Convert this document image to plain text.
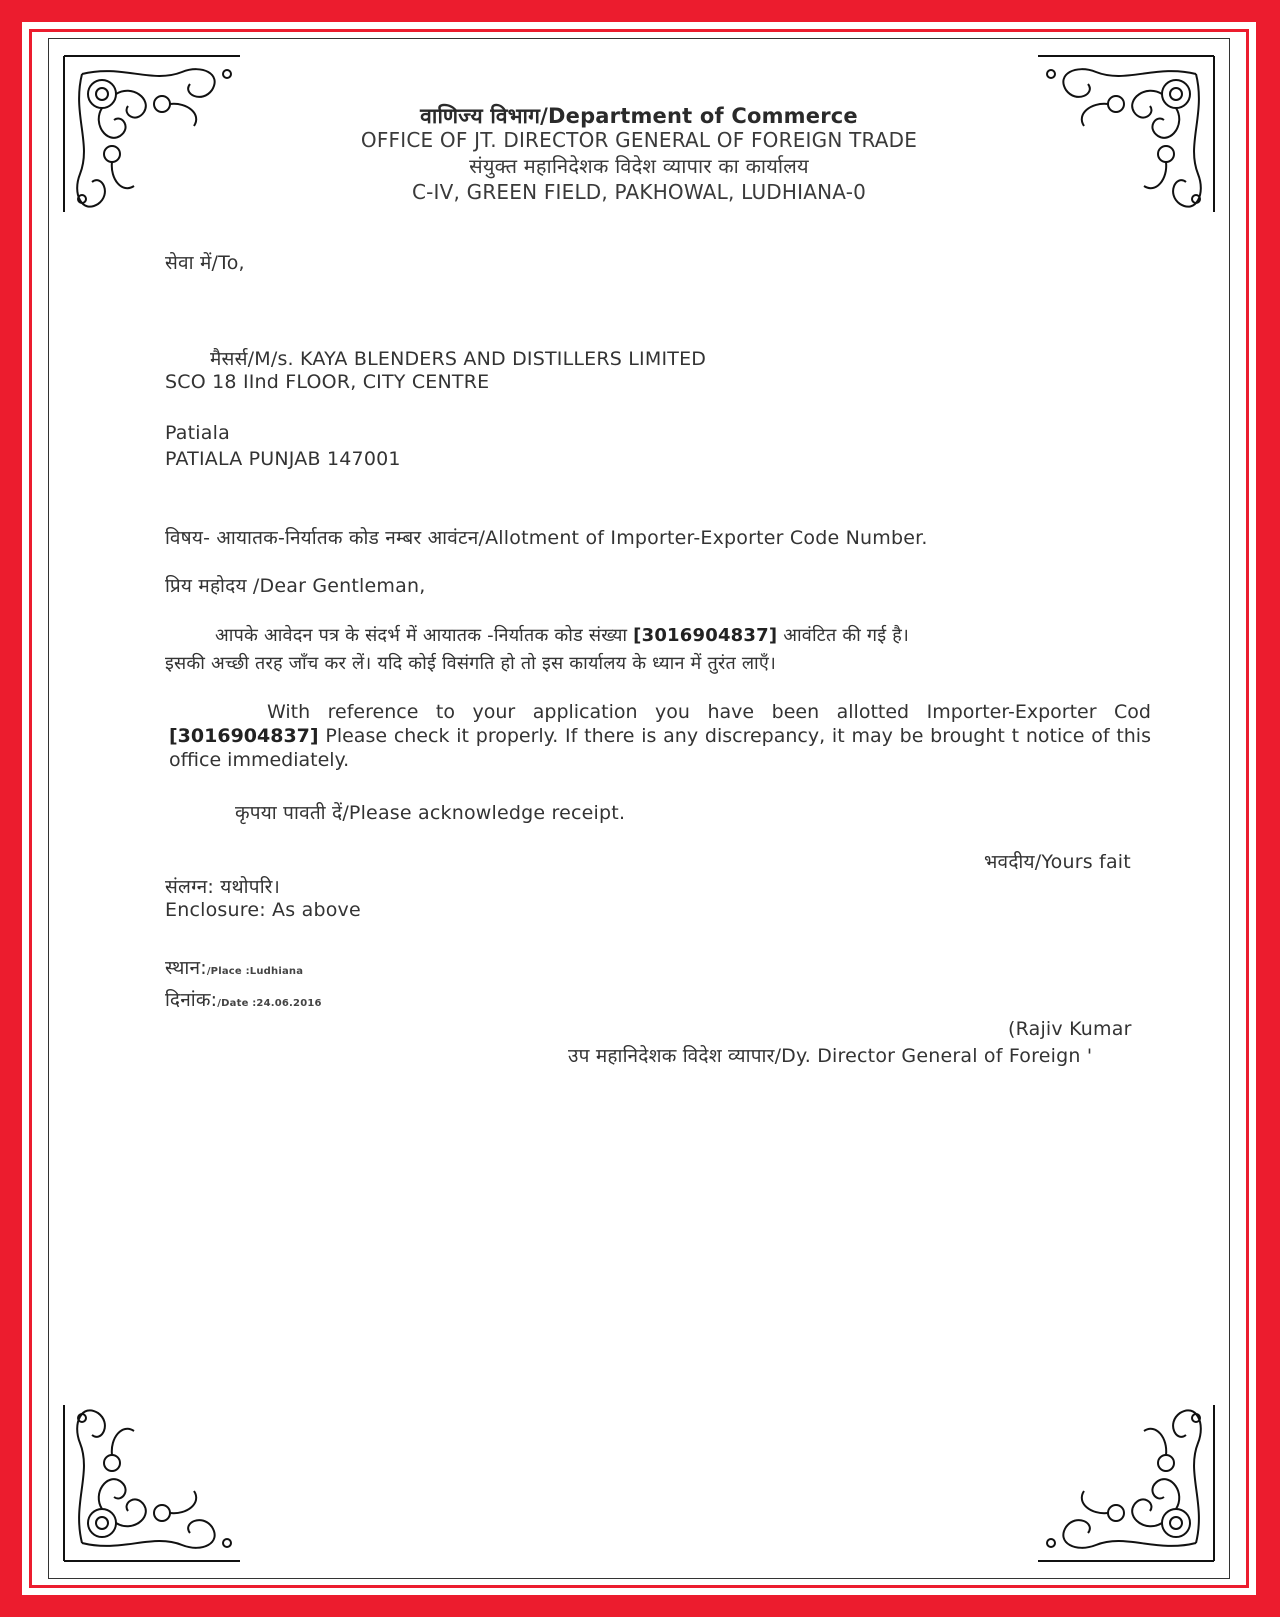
वाणिज्य विभाग/Department of Commerce
OFFICE OF JT. DIRECTOR GENERAL OF FOREIGN TRADE
संयुक्त महानिदेशक विदेश व्यापार का कार्यालय
C-IV, GREEN FIELD, PAKHOWAL, LUDHIANA-0
सेवा में/To,
मैसर्स/M/s. KAYA BLENDERS AND DISTILLERS LIMITED
SCO 18 IInd FLOOR, CITY CENTRE
Patiala
PATIALA PUNJAB 147001
विषय- आयातक-निर्यातक कोड नम्बर आवंटन/Allotment of Importer-Exporter Code Number.
प्रिय महोदय /Dear Gentleman,
आपके आवेदन पत्र के संदर्भ में आयातक -निर्यातक कोड संख्या [3016904837] आवंटित की गई है।
इसकी अच्छी तरह जाँच कर लें। यदि कोई विसंगति हो तो इस कार्यालय के ध्यान में तुरंत लाएँ।
With reference to your application you have been allotted Importer-Exporter Cod [3016904837] Please check it properly. If there is any discrepancy, it may be brought t notice of this office immediately.
कृपया पावती दें/Please acknowledge receipt.
भवदीय/Yours fait
संलग्न: यथोपरि।
Enclosure: As above
स्थान:/Place :Ludhiana
दिनांक:/Date :24.06.2016
(Rajiv Kumar
उप महानिदेशक विदेश व्यापार/Dy. Director General of Foreign '
